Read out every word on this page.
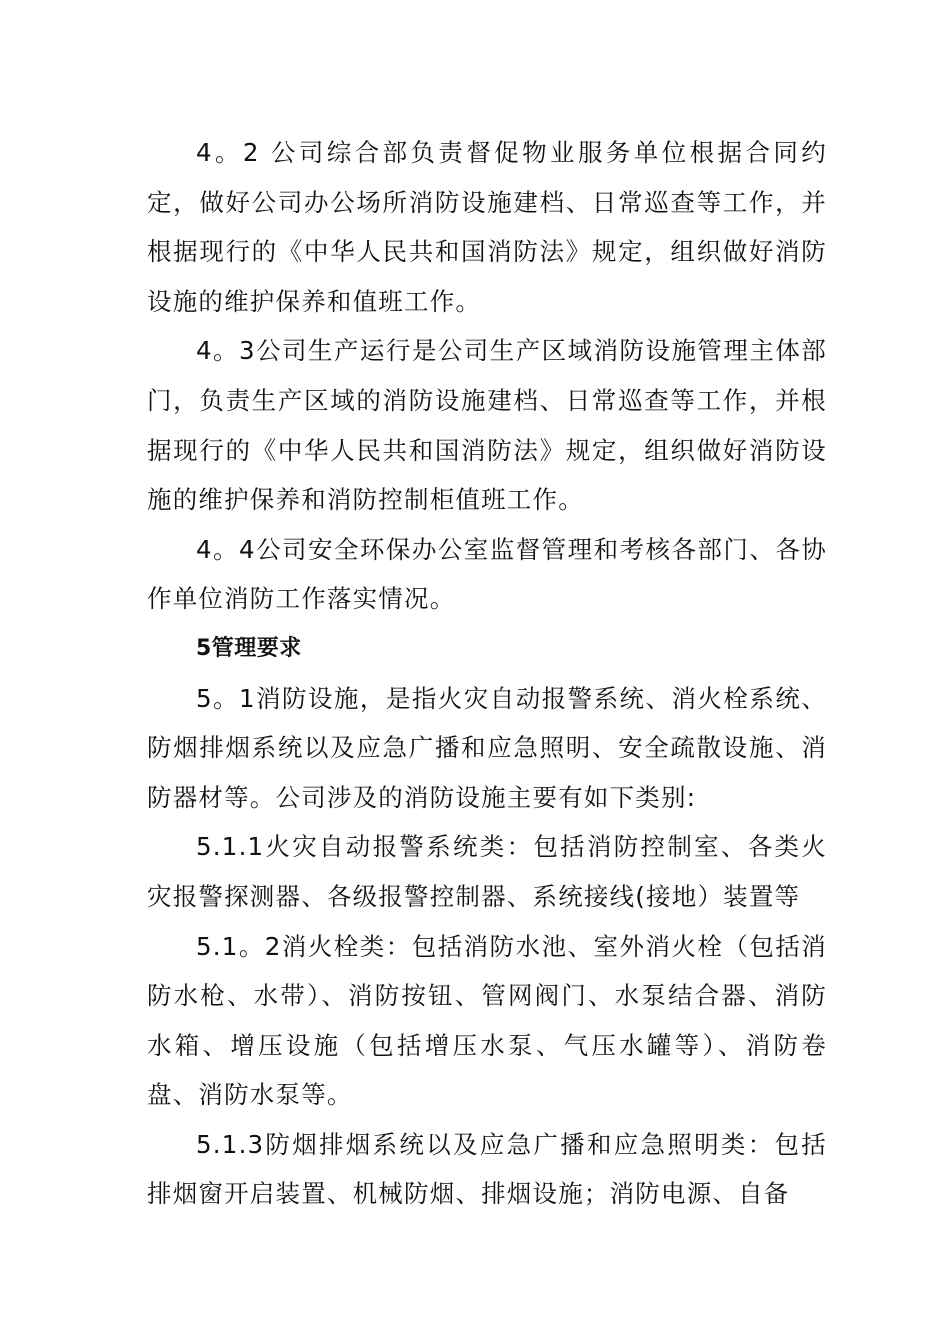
4。2 公司综合部负责督促物业服务单位根据合同约定，做好公司办公场所消防设施建档、日常巡查等工作，并根据现行的《中华人民共和国消防法》规定，组织做好消防设施的维护保养和值班工作。

4。3公司生产运行是公司生产区域消防设施管理主体部门，负责生产区域的消防设施建档、日常巡查等工作，并根据现行的《中华人民共和国消防法》规定，组织做好消防设施的维护保养和消防控制柜值班工作。

4。4公司安全环保办公室监督管理和考核各部门、各协作单位消防工作落实情况。

5管理要求

5。1消防设施，是指火灾自动报警系统、消火栓系统、防烟排烟系统以及应急广播和应急照明、安全疏散设施、消防器材等。公司涉及的消防设施主要有如下类别:

5.1.1火灾自动报警系统类：包括消防控制室、各类火灾报警探测器、各级报警控制器、系统接线(接地）装置等

5.1。2消火栓类：包括消防水池、室外消火栓（包括消防水枪、水带）、消防按钮、管网阀门、水泵结合器、消防水箱、增压设施（包括增压水泵、气压水罐等）、消防卷盘、消防水泵等。

5.1.3防烟排烟系统以及应急广播和应急照明类：包括排烟窗开启装置、机械防烟、排烟设施；消防电源、自备
